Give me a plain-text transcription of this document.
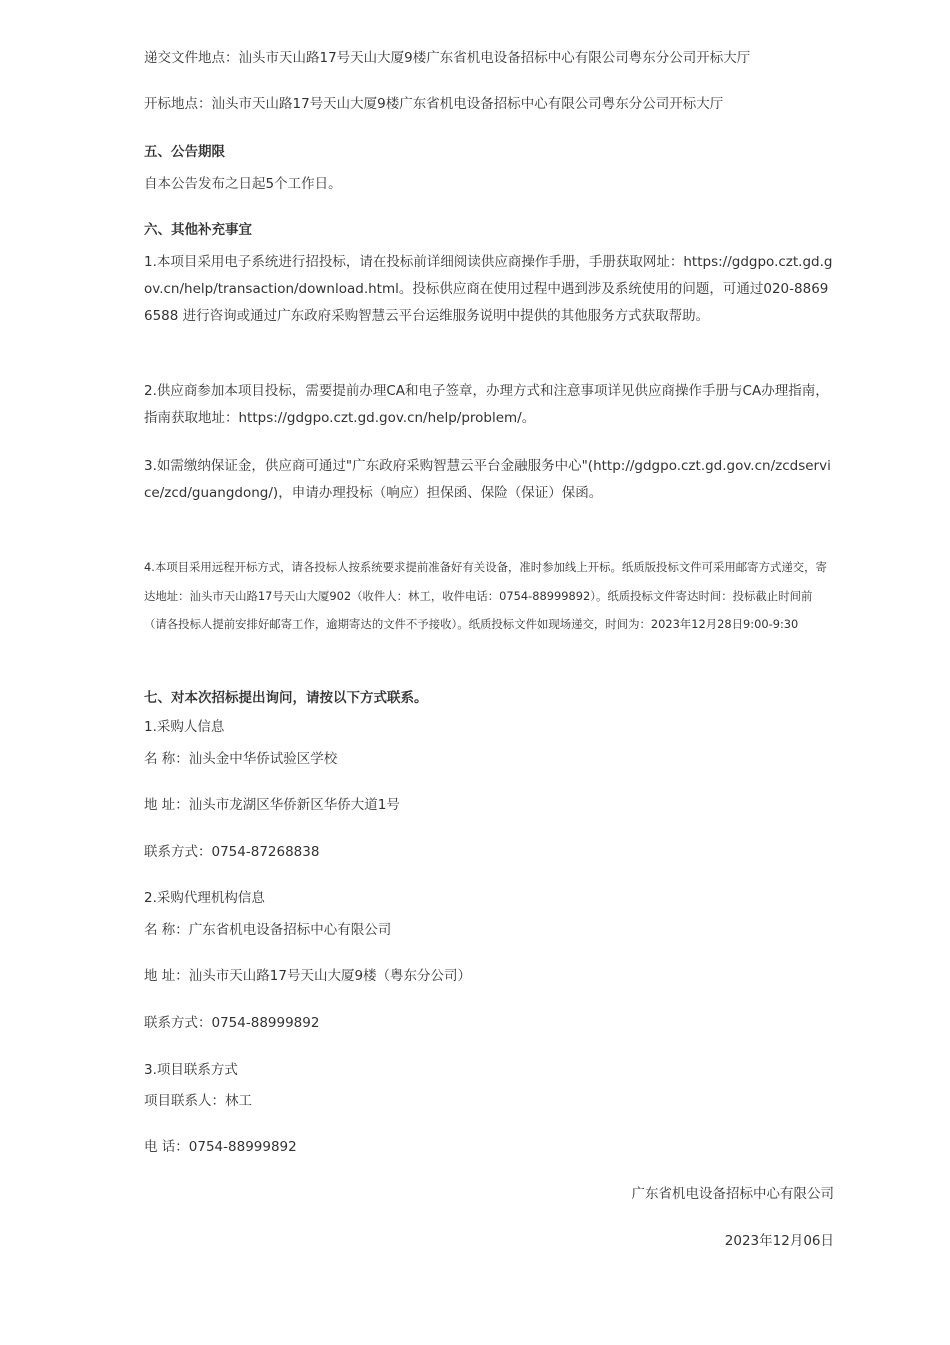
递交文件地点：汕头市天山路17号天山大厦9楼广东省机电设备招标中心有限公司粤东分公司开标大厅
开标地点：汕头市天山路17号天山大厦9楼广东省机电设备招标中心有限公司粤东分公司开标大厅
五、公告期限
自本公告发布之日起5个工作日。
六、其他补充事宜
1.本项目采用电子系统进行招投标，请在投标前详细阅读供应商操作手册，手册获取网址：https://gdgpo.czt.gd.gov.cn/help/transaction/download.html。投标供应商在使用过程中遇到涉及系统使用的问题，可通过020-88696588 进行咨询或通过广东政府采购智慧云平台运维服务说明中提供的其他服务方式获取帮助。
2.供应商参加本项目投标，需要提前办理CA和电子签章，办理方式和注意事项详见供应商操作手册与CA办理指南，指南获取地址：https://gdgpo.czt.gd.gov.cn/help/problem/。
3.如需缴纳保证金，供应商可通过"广东政府采购智慧云平台金融服务中心"(http://gdgpo.czt.gd.gov.cn/zcdservice/zcd/guangdong/)，申请办理投标（响应）担保函、保险（保证）保函。
4.本项目采用远程开标方式，请各投标人按系统要求提前准备好有关设备，准时参加线上开标。纸质版投标文件可采用邮寄方式递交，寄达地址：汕头市天山路17号天山大厦902（收件人：林工，收件电话：0754-88999892）。纸质投标文件寄达时间：投标截止时间前（请各投标人提前安排好邮寄工作，逾期寄达的文件不予接收）。纸质投标文件如现场递交，时间为：2023年12月28日9:00-9:30
七、对本次招标提出询问，请按以下方式联系。
1.采购人信息
名 称：汕头金中华侨试验区学校
地 址：汕头市龙湖区华侨新区华侨大道1号
联系方式：0754-87268838
2.采购代理机构信息
名 称：广东省机电设备招标中心有限公司
地 址：汕头市天山路17号天山大厦9楼（粤东分公司）
联系方式：0754-88999892
3.项目联系方式
项目联系人：林工
电 话：0754-88999892
广东省机电设备招标中心有限公司
2023年12月06日
